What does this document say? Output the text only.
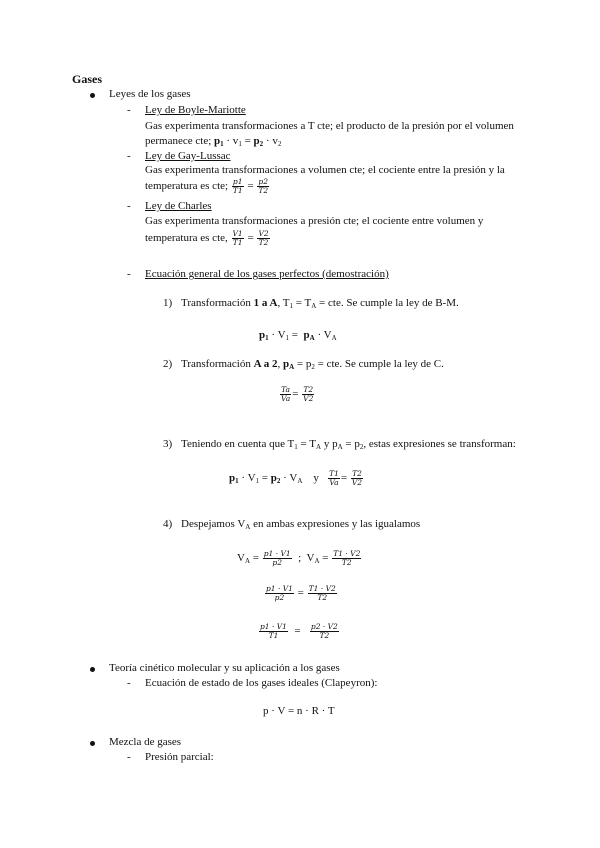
Gases
Leyes de los gases
- Ley de Boyle-Mariotte
Gas experimenta transformaciones a T cte; el producto de la presión por el volumen
permanece cte; $p_1 \cdot v_1 = p_2 \cdot v_2$
- Ley de Gay-Lussac
Gas experimenta transformaciones a volumen cte; el cociente entre la presión y la
temperatura es cte; $\frac{p1}{T1} = \frac{p2}{T2}$
- Ley de Charles
Gas experimenta transformaciones a presión cte; el cociente entre volumen y
temperatura es cte, $\frac{V1}{T1} = \frac{V2}{T2}$
- Ecuación general de los gases perfectos (demostración)
1) Transformación 1 a A, $T_1 = T_A$ = cte. Se cumple la ley de B-M.
$p_1 \cdot V_1 = p_A \cdot V_A$
2) Transformación A a 2, $p_A = p_2$ = cte. Se cumple la ley de C.
$\frac{Ta}{Va} = \frac{T2}{V2}$
3) Teniendo en cuenta que $T_1 = T_A$ y $p_A = p_2$, estas expresiones se transforman:
$p_1 \cdot V_1 = p_2 \cdot V_A$ y $\frac{T1}{Va} = \frac{T2}{V2}$
4) Despejamos $V_A$ en ambas expresiones y las igualamos
$V_A = \frac{p1 \cdot V1}{p2}$ ;  $V_A = \frac{T1 \cdot V2}{T2}$
$\frac{p1 \cdot V1}{p2} = \frac{T1 \cdot V2}{T2}$
$\frac{p1 \cdot V1}{T1} = \frac{p2 \cdot V2}{T2}$
Teoría cinético molecular y su aplicación a los gases
- Ecuación de estado de los gases ideales (Clapeyron):
p · V = n · R · T
Mezcla de gases
- Presión parcial:
